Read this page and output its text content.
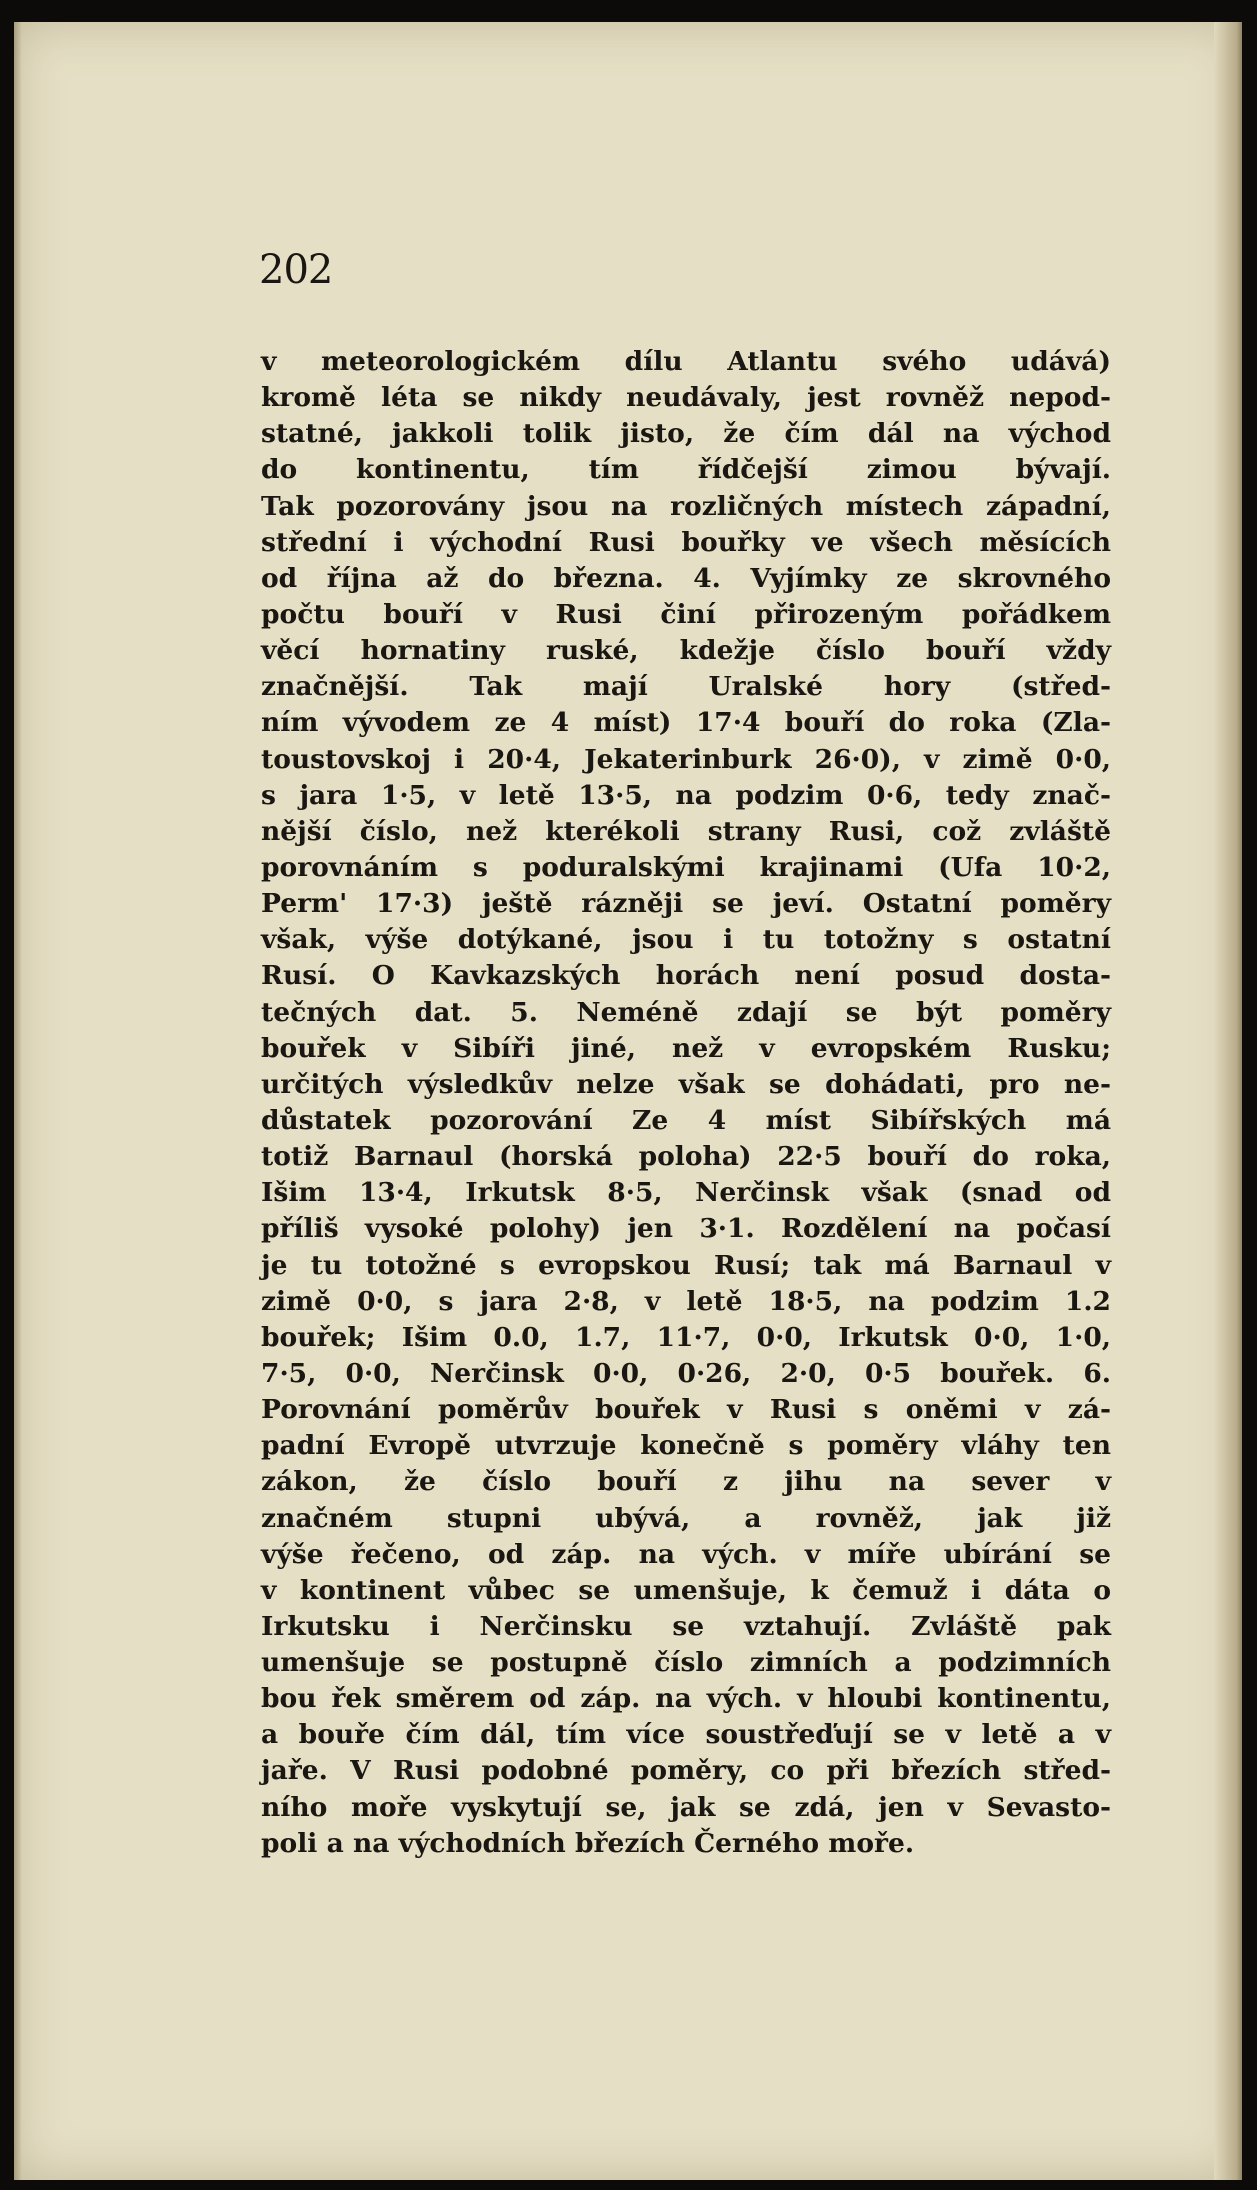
202

v meteorologickém dílu Atlantu svého udává)
kromě léta se nikdy neudávaly, jest rovněž nepod-
statné, jakkoli tolik jisto, že čím dál na východ
do kontinentu, tím řídčejší zimou bývají.
Tak pozorovány jsou na rozličných místech západní,
střední i východní Rusi bouřky ve všech měsících
od října až do března. 4. Vyjímky ze skrovného
počtu bouří v Rusi činí přirozeným pořádkem
věcí hornatiny ruské, kdežje číslo bouří vždy
značnější. Tak mají Uralské hory (střed-
ním vývodem ze 4 míst) 17·4 bouří do roka (Zla-
toustovskoj i 20·4, Jekaterinburk 26·0), v zimě 0·0,
s jara 1·5, v letě 13·5, na podzim 0·6, tedy znač-
nější číslo, než kterékoli strany Rusi, což zvláště
porovnáním s poduralskými krajinami (Ufa 10·2,
Perm' 17·3) ještě rázněji se jeví. Ostatní poměry
však, výše dotýkané, jsou i tu totožny s ostatní
Rusí. O Kavkazských horách není posud dosta-
tečných dat. 5. Neméně zdají se být poměry
bouřek v Sibíři jiné, než v evropském Rusku;
určitých výsledkův nelze však se dohádati, pro ne-
důstatek pozorování Ze 4 míst Sibířských má
totiž Barnaul (horská poloha) 22·5 bouří do roka,
Išim 13·4, Irkutsk 8·5, Nerčinsk však (snad od
příliš vysoké polohy) jen 3·1. Rozdělení na počasí
je tu totožné s evropskou Rusí; tak má Barnaul v
zimě 0·0, s jara 2·8, v letě 18·5, na podzim 1.2
bouřek; Išim 0.0, 1.7, 11·7, 0·0, Irkutsk 0·0, 1·0,
7·5, 0·0, Nerčinsk 0·0, 0·26, 2·0, 0·5 bouřek. 6.
Porovnání poměrův bouřek v Rusi s oněmi v zá-
padní Evropě utvrzuje konečně s poměry vláhy ten
zákon, že číslo bouří z jihu na sever v
značném stupni ubývá, a rovněž, jak již
výše řečeno, od záp. na vých. v míře ubírání se
v kontinent vůbec se umenšuje, k čemuž i dáta o
Irkutsku i Nerčinsku se vztahují. Zvláště pak
umenšuje se postupně číslo zimních a podzimních
bou řek směrem od záp. na vých. v hloubi kontinentu,
a bouře čím dál, tím více soustřeďují se v letě a v
jaře. V Rusi podobné poměry, co při březích střed-
ního moře vyskytují se, jak se zdá, jen v Sevasto-
poli a na východních březích Černého moře.
